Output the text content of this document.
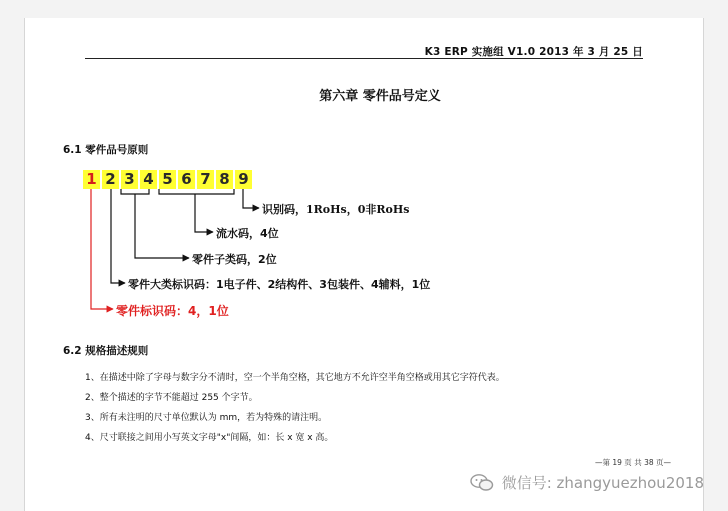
K3 ERP 实施组 V1.0 2013 年 3 月 25 日
第六章 零件品号定义
6.1 零件品号原则
1 2 3 4 5 6 7 8 9
识别码，1RoHs，0非RoHs
流水码，4位
零件子类码，2位
零件大类标识码：1电子件、2结构件、3包装件、4辅料，1位
零件标识码：4，1位
6.2 规格描述规则
1、在描述中除了字母与数字分不清时，空一个半角空格，其它地方不允许空半角空格或用其它字符代表。
2、整个描述的字节不能超过 255 个字节。
3、所有未注明的尺寸单位默认为 mm，若为特殊的请注明。
4、尺寸联接之间用小写英文字母"x"间隔，如：长 x 宽 x 高。
—第 19 页 共 38 页—
微信号: zhangyuezhou2018
